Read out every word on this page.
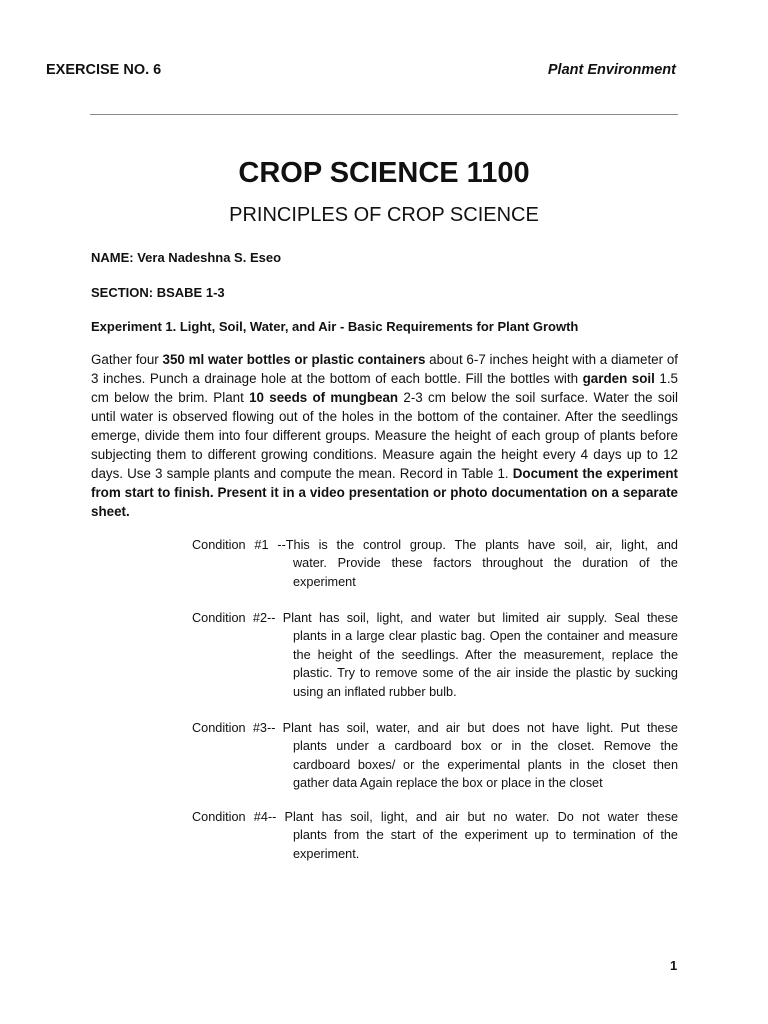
EXERCISE NO. 6	Plant Environment
CROP SCIENCE 1100
PRINCIPLES OF CROP SCIENCE
NAME: Vera Nadeshna S. Eseo
SECTION: BSABE 1-3
Experiment 1. Light, Soil, Water, and Air - Basic Requirements for Plant Growth
Gather four 350 ml water bottles or plastic containers about 6-7 inches height with a diameter of 3 inches. Punch a drainage hole at the bottom of each bottle. Fill the bottles with garden soil 1.5 cm below the brim. Plant 10 seeds of mungbean 2-3 cm below the soil surface. Water the soil until water is observed flowing out of the holes in the bottom of the container. After the seedlings emerge, divide them into four different groups. Measure the height of each group of plants before subjecting them to different growing conditions. Measure again the height every 4 days up to 12 days. Use 3 sample plants and compute the mean. Record in Table 1. Document the experiment from start to finish. Present it in a video presentation or photo documentation on a separate sheet.
Condition #1 --This is the control group. The plants have soil, air, light, and
water. Provide these factors throughout the duration of the experiment
Condition #2-- Plant has soil, light, and water but limited air supply. Seal these
plants in a large clear plastic bag. Open the container and measure the height of the seedlings. After the measurement, replace the plastic. Try to remove some of the air inside the plastic by sucking using an inflated rubber bulb.
Condition #3-- Plant has soil, water, and air but does not have light. Put these
plants under a cardboard box or in the closet. Remove the cardboard boxes/ or the experimental plants in the closet then gather data Again replace the box or place in the closet
Condition #4-- Plant has soil, light, and air but no water. Do not water these
plants from the start of the experiment up to termination of the experiment.
1
